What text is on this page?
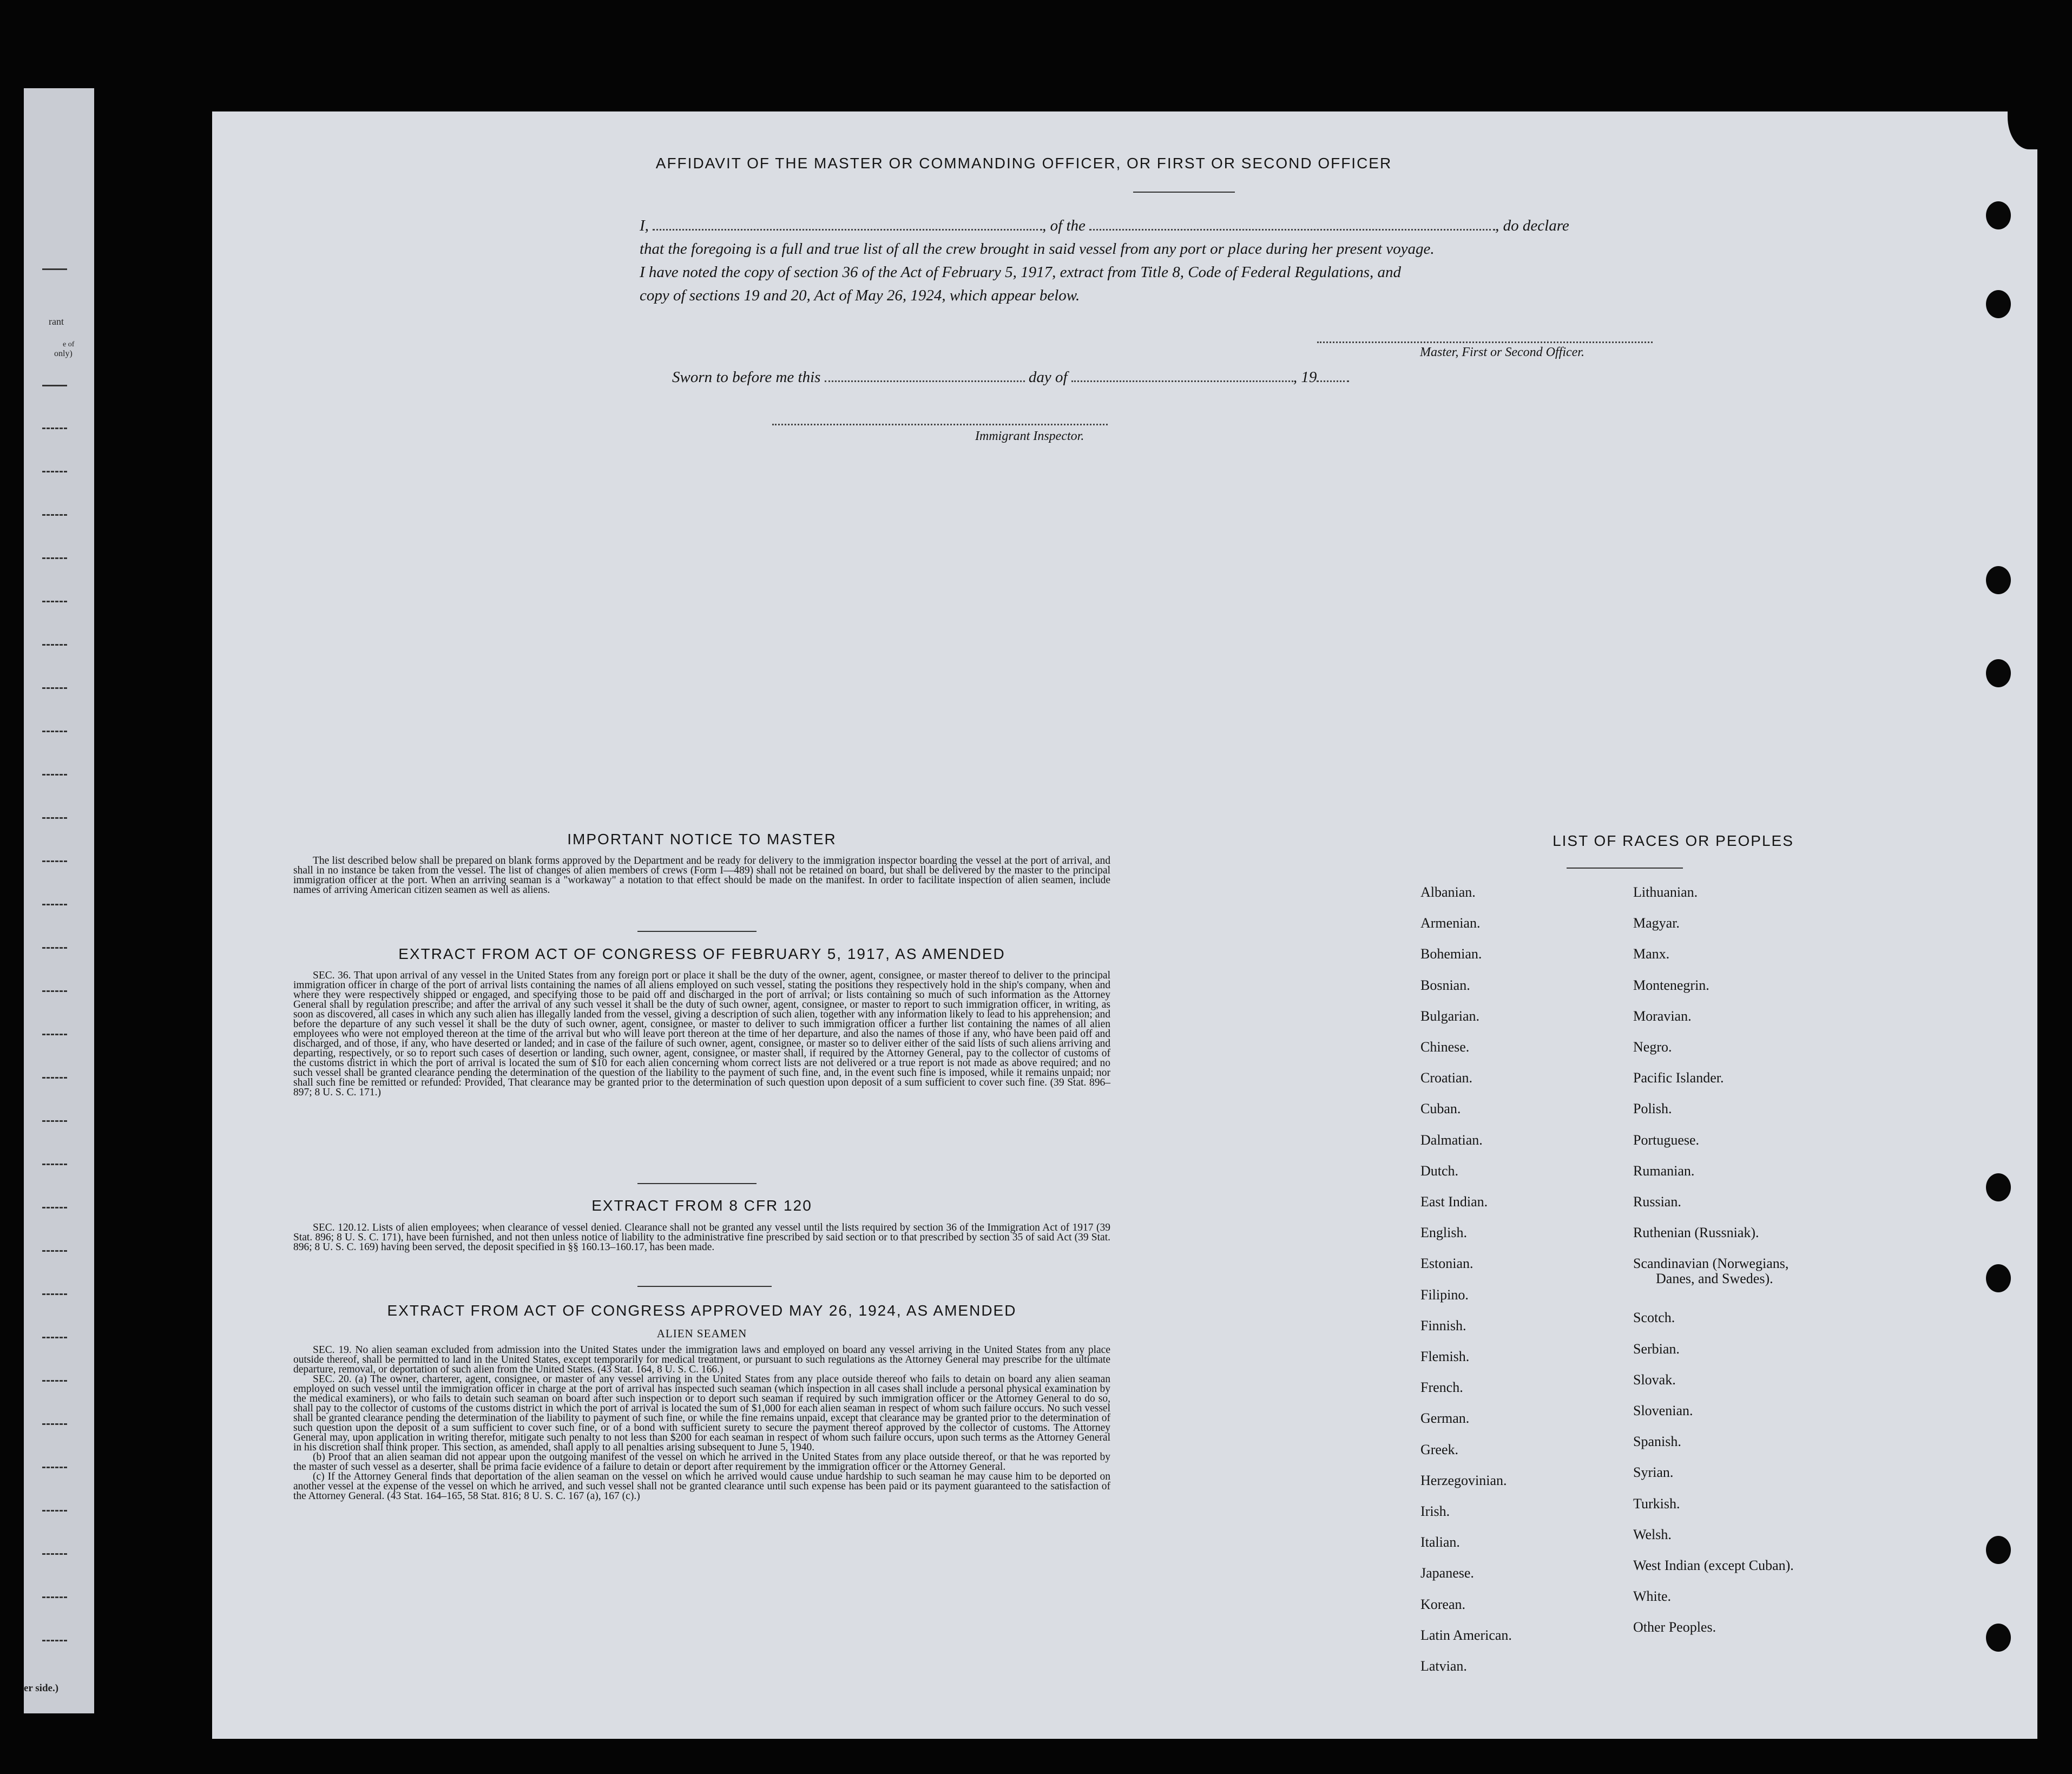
rant
e of
only)
er side.)
AFFIDAVIT OF THE MASTER OR COMMANDING OFFICER, OR FIRST OR SECOND OFFICER
I,	, of the	, do declare
that the foregoing is a full and true list of all the crew brought in said vessel from any port or place during her present voyage.
I have noted the copy of section 36 of the Act of February 5, 1917, extract from Title 8, Code of Federal Regulations, and
copy of sections 19 and 20, Act of May 26, 1924, which appear below.
Master, First or Second Officer.
Sworn to before me this	day of	, 19
Immigrant Inspector.
IMPORTANT NOTICE TO MASTER

The list described below shall be prepared on blank forms approved by the Department and be ready for delivery to the immigration inspector boarding the vessel at the port of arrival, and shall in no instance be taken from the vessel. The list of changes of alien members of crews (Form I—489) shall not be retained on board, but shall be delivered by the master to the principal immigration officer at the port. When an arriving seaman is a "workaway" a notation to that effect should be made on the manifest. In order to facilitate inspection of alien seamen, include names of arriving American citizen seamen as well as aliens.

EXTRACT FROM ACT OF CONGRESS OF FEBRUARY 5, 1917, AS AMENDED

SEC. 36. That upon arrival of any vessel in the United States from any foreign port or place it shall be the duty of the owner, agent, consignee, or master thereof to deliver to the principal immigration officer in charge of the port of arrival lists containing the names of all aliens employed on such vessel, stating the positions they respectively hold in the ship's company, when and where they were respectively shipped or engaged, and specifying those to be paid off and discharged in the port of arrival; or lists containing so much of such information as the Attorney General shall by regulation prescribe; and after the arrival of any such vessel it shall be the duty of such owner, agent, consignee, or master to report to such immigration officer, in writing, as soon as discovered, all cases in which any such alien has illegally landed from the vessel, giving a description of such alien, together with any information likely to lead to his apprehension; and before the departure of any such vessel it shall be the duty of such owner, agent, consignee, or master to deliver to such immigration officer a further list containing the names of all alien employees who were not employed thereon at the time of the arrival but who will leave port thereon at the time of her departure, and also the names of those if any, who have been paid off and discharged, and of those, if any, who have deserted or landed; and in case of the failure of such owner, agent, consignee, or master so to deliver either of the said lists of such aliens arriving and departing, respectively, or so to report such cases of desertion or landing, such owner, agent, consignee, or master shall, if required by the Attorney General, pay to the collector of customs of the customs district in which the port of arrival is located the sum of $10 for each alien concerning whom correct lists are not delivered or a true report is not made as above required; and no such vessel shall be granted clearance pending the determination of the question of the liability to the payment of such fine, and, in the event such fine is imposed, while it remains unpaid; nor shall such fine be remitted or refunded: Provided, That clearance may be granted prior to the determination of such question upon deposit of a sum sufficient to cover such fine. (39 Stat. 896–897; 8 U. S. C. 171.)

EXTRACT FROM 8 CFR 120

SEC. 120.12. Lists of alien employees; when clearance of vessel denied. Clearance shall not be granted any vessel until the lists required by section 36 of the Immigration Act of 1917 (39 Stat. 896; 8 U. S. C. 171), have been furnished, and not then unless notice of liability to the administrative fine prescribed by said section or to that prescribed by section 35 of said Act (39 Stat. 896; 8 U. S. C. 169) having been served, the deposit specified in §§ 160.13–160.17, has been made.

EXTRACT FROM ACT OF CONGRESS APPROVED MAY 26, 1924, AS AMENDED
ALIEN SEAMEN

SEC. 19. No alien seaman excluded from admission into the United States under the immigration laws and employed on board any vessel arriving in the United States from any place outside thereof, shall be permitted to land in the United States, except temporarily for medical treatment, or pursuant to such regulations as the Attorney General may prescribe for the ultimate departure, removal, or deportation of such alien from the United States. (43 Stat. 164, 8 U. S. C. 166.)

SEC. 20. (a) The owner, charterer, agent, consignee, or master of any vessel arriving in the United States from any place outside thereof who fails to detain on board any alien seaman employed on such vessel until the immigration officer in charge at the port of arrival has inspected such seaman (which inspection in all cases shall include a personal physical examination by the medical examiners), or who fails to detain such seaman on board after such inspection or to deport such seaman if required by such immigration officer or the Attorney General to do so, shall pay to the collector of customs of the customs district in which the port of arrival is located the sum of $1,000 for each alien seaman in respect of whom such failure occurs. No such vessel shall be granted clearance pending the determination of the liability to payment of such fine, or while the fine remains unpaid, except that clearance may be granted prior to the determination of such question upon the deposit of a sum sufficient to cover such fine, or of a bond with sufficient surety to secure the payment thereof approved by the collector of customs. The Attorney General may, upon application in writing therefor, mitigate such penalty to not less than $200 for each seaman in respect of whom such failure occurs, upon such terms as the Attorney General in his discretion shall think proper. This section, as amended, shall apply to all penalties arising subsequent to June 5, 1940.

(b) Proof that an alien seaman did not appear upon the outgoing manifest of the vessel on which he arrived in the United States from any place outside thereof, or that he was reported by the master of such vessel as a deserter, shall be prima facie evidence of a failure to detain or deport after requirement by the immigration officer or the Attorney General.

(c) If the Attorney General finds that deportation of the alien seaman on the vessel on which he arrived would cause undue hardship to such seaman he may cause him to be deported on another vessel at the expense of the vessel on which he arrived, and such vessel shall not be granted clearance until such expense has been paid or its payment guaranteed to the satisfaction of the Attorney General. (43 Stat. 164–165, 58 Stat. 816; 8 U. S. C. 167 (a), 167 (c).)

LIST OF RACES OR PEOPLES
Albanian.
Armenian.
Bohemian.
Bosnian.
Bulgarian.
Chinese.
Croatian.
Cuban.
Dalmatian.
Dutch.
East Indian.
English.
Estonian.
Filipino.
Finnish.
Flemish.
French.
German.
Greek.
Herzegovinian.
Irish.
Italian.
Japanese.
Korean.
Latin American.
Latvian.
Lithuanian.
Magyar.
Manx.
Montenegrin.
Moravian.
Negro.
Pacific Islander.
Polish.
Portuguese.
Rumanian.
Russian.
Ruthenian (Russniak).
Scandinavian (Norwegians,
Danes, and Swedes).
Scotch.
Serbian.
Slovak.
Slovenian.
Spanish.
Syrian.
Turkish.
Welsh.
West Indian (except Cuban).
White.
Other Peoples.
